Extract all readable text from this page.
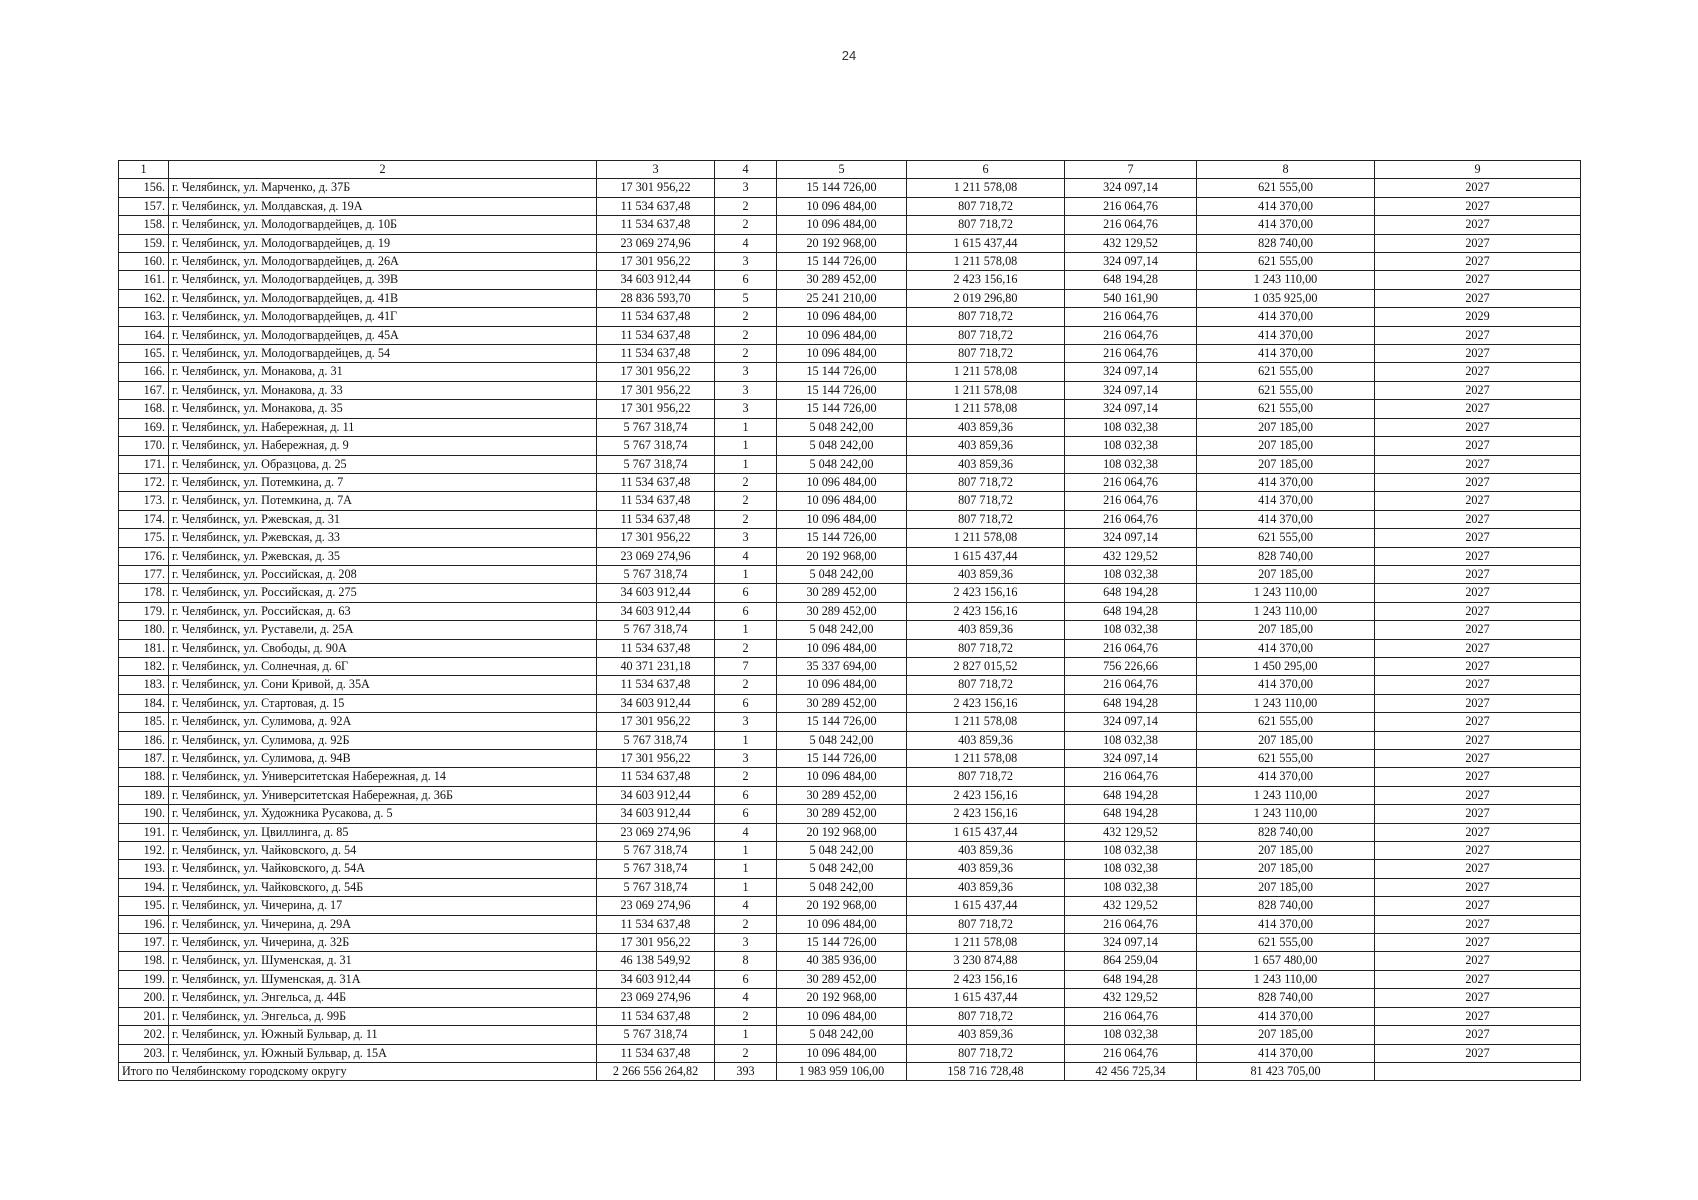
24
1	2	3	4	5	6	7	8	9
156.	г. Челябинск, ул. Марченко, д. 37Б	17 301 956,22	3	15 144 726,00	1 211 578,08	324 097,14	621 555,00	2027
157.	г. Челябинск, ул. Молдавская, д. 19А	11 534 637,48	2	10 096 484,00	807 718,72	216 064,76	414 370,00	2027
158.	г. Челябинск, ул. Молодогвардейцев, д. 10Б	11 534 637,48	2	10 096 484,00	807 718,72	216 064,76	414 370,00	2027
159.	г. Челябинск, ул. Молодогвардейцев, д. 19	23 069 274,96	4	20 192 968,00	1 615 437,44	432 129,52	828 740,00	2027
160.	г. Челябинск, ул. Молодогвардейцев, д. 26А	17 301 956,22	3	15 144 726,00	1 211 578,08	324 097,14	621 555,00	2027
161.	г. Челябинск, ул. Молодогвардейцев, д. 39В	34 603 912,44	6	30 289 452,00	2 423 156,16	648 194,28	1 243 110,00	2027
162.	г. Челябинск, ул. Молодогвардейцев, д. 41В	28 836 593,70	5	25 241 210,00	2 019 296,80	540 161,90	1 035 925,00	2027
163.	г. Челябинск, ул. Молодогвардейцев, д. 41Г	11 534 637,48	2	10 096 484,00	807 718,72	216 064,76	414 370,00	2029
164.	г. Челябинск, ул. Молодогвардейцев, д. 45А	11 534 637,48	2	10 096 484,00	807 718,72	216 064,76	414 370,00	2027
165.	г. Челябинск, ул. Молодогвардейцев, д. 54	11 534 637,48	2	10 096 484,00	807 718,72	216 064,76	414 370,00	2027
166.	г. Челябинск, ул. Монакова, д. 31	17 301 956,22	3	15 144 726,00	1 211 578,08	324 097,14	621 555,00	2027
167.	г. Челябинск, ул. Монакова, д. 33	17 301 956,22	3	15 144 726,00	1 211 578,08	324 097,14	621 555,00	2027
168.	г. Челябинск, ул. Монакова, д. 35	17 301 956,22	3	15 144 726,00	1 211 578,08	324 097,14	621 555,00	2027
169.	г. Челябинск, ул. Набережная, д. 11	5 767 318,74	1	5 048 242,00	403 859,36	108 032,38	207 185,00	2027
170.	г. Челябинск, ул. Набережная, д. 9	5 767 318,74	1	5 048 242,00	403 859,36	108 032,38	207 185,00	2027
171.	г. Челябинск, ул. Образцова, д. 25	5 767 318,74	1	5 048 242,00	403 859,36	108 032,38	207 185,00	2027
172.	г. Челябинск, ул. Потемкина, д. 7	11 534 637,48	2	10 096 484,00	807 718,72	216 064,76	414 370,00	2027
173.	г. Челябинск, ул. Потемкина, д. 7А	11 534 637,48	2	10 096 484,00	807 718,72	216 064,76	414 370,00	2027
174.	г. Челябинск, ул. Ржевская, д. 31	11 534 637,48	2	10 096 484,00	807 718,72	216 064,76	414 370,00	2027
175.	г. Челябинск, ул. Ржевская, д. 33	17 301 956,22	3	15 144 726,00	1 211 578,08	324 097,14	621 555,00	2027
176.	г. Челябинск, ул. Ржевская, д. 35	23 069 274,96	4	20 192 968,00	1 615 437,44	432 129,52	828 740,00	2027
177.	г. Челябинск, ул. Российская, д. 208	5 767 318,74	1	5 048 242,00	403 859,36	108 032,38	207 185,00	2027
178.	г. Челябинск, ул. Российская, д. 275	34 603 912,44	6	30 289 452,00	2 423 156,16	648 194,28	1 243 110,00	2027
179.	г. Челябинск, ул. Российская, д. 63	34 603 912,44	6	30 289 452,00	2 423 156,16	648 194,28	1 243 110,00	2027
180.	г. Челябинск, ул. Руставели, д. 25А	5 767 318,74	1	5 048 242,00	403 859,36	108 032,38	207 185,00	2027
181.	г. Челябинск, ул. Свободы, д. 90А	11 534 637,48	2	10 096 484,00	807 718,72	216 064,76	414 370,00	2027
182.	г. Челябинск, ул. Солнечная, д. 6Г	40 371 231,18	7	35 337 694,00	2 827 015,52	756 226,66	1 450 295,00	2027
183.	г. Челябинск, ул. Сони Кривой, д. 35А	11 534 637,48	2	10 096 484,00	807 718,72	216 064,76	414 370,00	2027
184.	г. Челябинск, ул. Стартовая, д. 15	34 603 912,44	6	30 289 452,00	2 423 156,16	648 194,28	1 243 110,00	2027
185.	г. Челябинск, ул. Сулимова, д. 92А	17 301 956,22	3	15 144 726,00	1 211 578,08	324 097,14	621 555,00	2027
186.	г. Челябинск, ул. Сулимова, д. 92Б	5 767 318,74	1	5 048 242,00	403 859,36	108 032,38	207 185,00	2027
187.	г. Челябинск, ул. Сулимова, д. 94В	17 301 956,22	3	15 144 726,00	1 211 578,08	324 097,14	621 555,00	2027
188.	г. Челябинск, ул. Университетская Набережная, д. 14	11 534 637,48	2	10 096 484,00	807 718,72	216 064,76	414 370,00	2027
189.	г. Челябинск, ул. Университетская Набережная, д. 36Б	34 603 912,44	6	30 289 452,00	2 423 156,16	648 194,28	1 243 110,00	2027
190.	г. Челябинск, ул. Художника Русакова, д. 5	34 603 912,44	6	30 289 452,00	2 423 156,16	648 194,28	1 243 110,00	2027
191.	г. Челябинск, ул. Цвиллинга, д. 85	23 069 274,96	4	20 192 968,00	1 615 437,44	432 129,52	828 740,00	2027
192.	г. Челябинск, ул. Чайковского, д. 54	5 767 318,74	1	5 048 242,00	403 859,36	108 032,38	207 185,00	2027
193.	г. Челябинск, ул. Чайковского, д. 54А	5 767 318,74	1	5 048 242,00	403 859,36	108 032,38	207 185,00	2027
194.	г. Челябинск, ул. Чайковского, д. 54Б	5 767 318,74	1	5 048 242,00	403 859,36	108 032,38	207 185,00	2027
195.	г. Челябинск, ул. Чичерина, д. 17	23 069 274,96	4	20 192 968,00	1 615 437,44	432 129,52	828 740,00	2027
196.	г. Челябинск, ул. Чичерина, д. 29А	11 534 637,48	2	10 096 484,00	807 718,72	216 064,76	414 370,00	2027
197.	г. Челябинск, ул. Чичерина, д. 32Б	17 301 956,22	3	15 144 726,00	1 211 578,08	324 097,14	621 555,00	2027
198.	г. Челябинск, ул. Шуменская, д. 31	46 138 549,92	8	40 385 936,00	3 230 874,88	864 259,04	1 657 480,00	2027
199.	г. Челябинск, ул. Шуменская, д. 31А	34 603 912,44	6	30 289 452,00	2 423 156,16	648 194,28	1 243 110,00	2027
200.	г. Челябинск, ул. Энгельса, д. 44Б	23 069 274,96	4	20 192 968,00	1 615 437,44	432 129,52	828 740,00	2027
201.	г. Челябинск, ул. Энгельса, д. 99Б	11 534 637,48	2	10 096 484,00	807 718,72	216 064,76	414 370,00	2027
202.	г. Челябинск, ул. Южный Бульвар, д. 11	5 767 318,74	1	5 048 242,00	403 859,36	108 032,38	207 185,00	2027
203.	г. Челябинск, ул. Южный Бульвар, д. 15А	11 534 637,48	2	10 096 484,00	807 718,72	216 064,76	414 370,00	2027
Итого по Челябинскому городскому округу		2 266 556 264,82	393	1 983 959 106,00	158 716 728,48	42 456 725,34	81 423 705,00	
